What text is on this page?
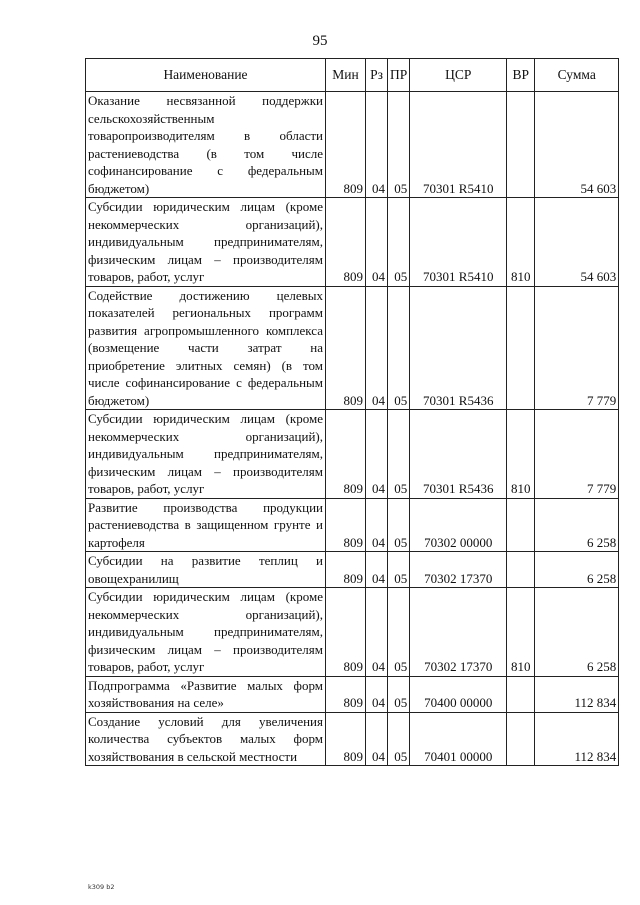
95
Наименование	Мин	Рз	ПР	ЦСР	ВР	Сумма
Оказание несвязанной поддержки сельскохозяйственным товаропроизводителям в области растениеводства (в том числе софинансирование с федеральным бюджетом)	809	04	05	70301 R5410		54 603
Субсидии юридическим лицам (кроме некоммерческих организаций), индивидуальным предпринимателям, физическим лицам – производителям товаров, работ, услуг	809	04	05	70301 R5410	810	54 603
Содействие достижению целевых показателей региональных программ развития агропромышленного комплекса (возмещение части затрат на приобретение элитных семян) (в том числе софинансирование с федеральным бюджетом)	809	04	05	70301 R5436		7 779
Субсидии юридическим лицам (кроме некоммерческих организаций), индивидуальным предпринимателям, физическим лицам – производителям товаров, работ, услуг	809	04	05	70301 R5436	810	7 779
Развитие производства продукции растениеводства в защищенном грунте и картофеля	809	04	05	70302 00000		6 258
Субсидии на развитие теплиц и овощехранилищ	809	04	05	70302 17370		6 258
Субсидии юридическим лицам (кроме некоммерческих организаций), индивидуальным предпринимателям, физическим лицам – производителям товаров, работ, услуг	809	04	05	70302 17370	810	6 258
Подпрограмма «Развитие малых форм хозяйствования на селе»	809	04	05	70400 00000		112 834
Создание условий для увеличения количества субъектов малых форм хозяйствования в сельской местности	809	04	05	70401 00000		112 834
k309 b2
